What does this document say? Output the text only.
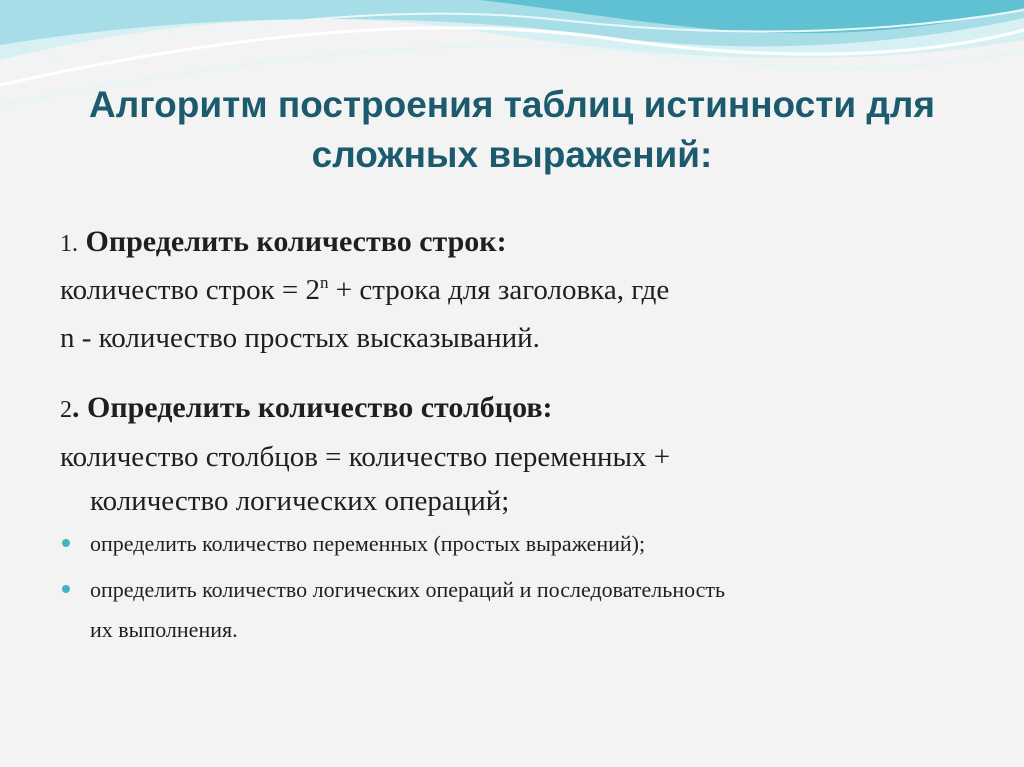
Алгоритм построения таблиц истинности для
сложных выражений:

1. Определить количество строк:

количество строк = $2^n$ + строка для заголовка, где

n - количество простых высказываний.

2. Определить количество столбцов:

количество столбцов = количество переменных +

количество логических операций;

определить количество переменных (простых выражений);
определить количество логических операций и последовательность их выполнения.
